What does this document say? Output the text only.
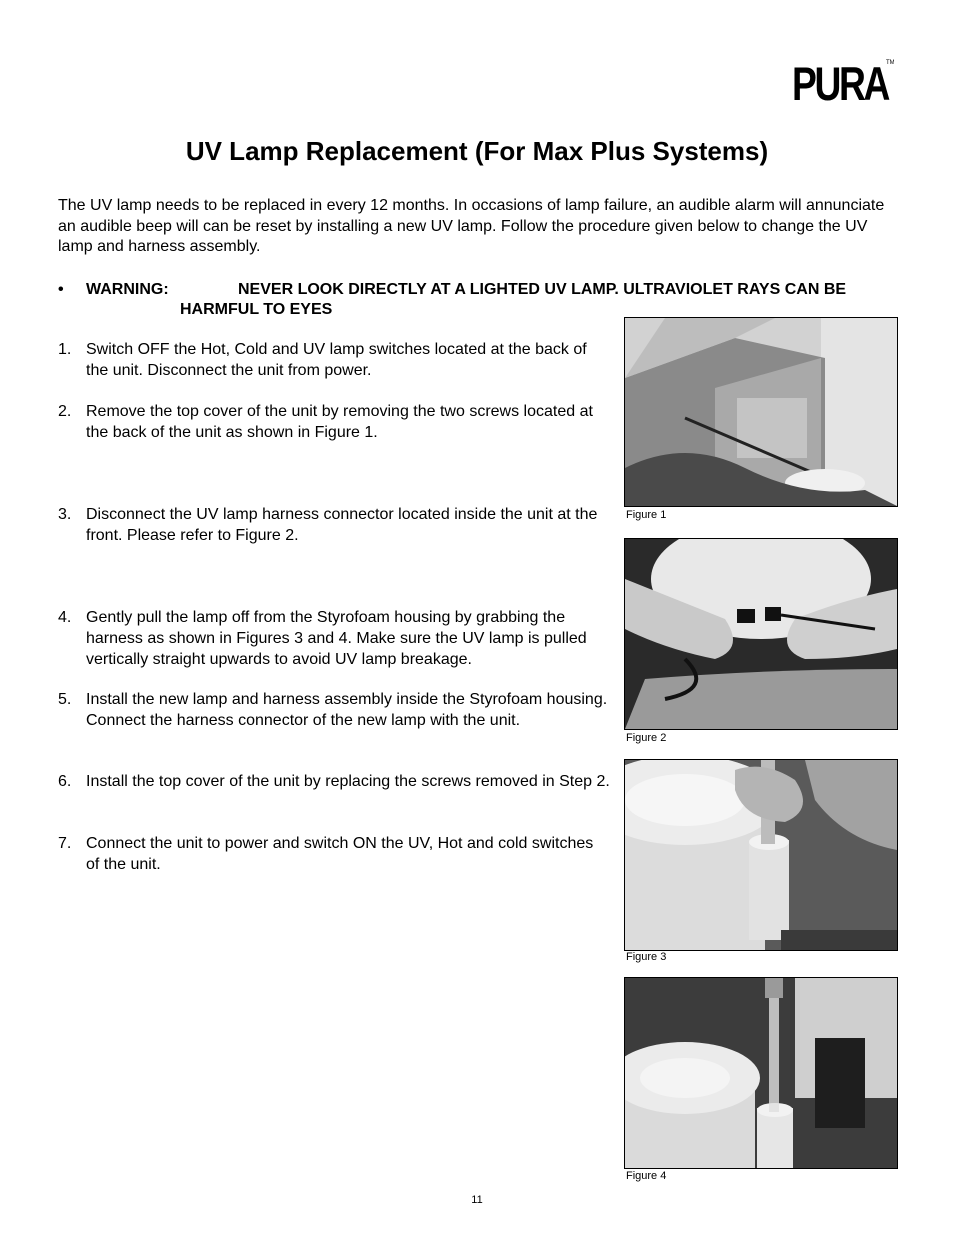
PURA
TM
UV Lamp Replacement (For Max Plus Systems)

The UV lamp needs to be replaced in every 12 months. In occasions of lamp failure, an audible alarm will annunciate an audible beep will can be reset by installing a new UV lamp. Follow the procedure given below to change the UV lamp and harness assembly.

• WARNING:	NEVER LOOK DIRECTLY AT A LIGHTED UV LAMP. ULTRAVIOLET RAYS CAN BE
HARMFUL TO EYES
1. Switch OFF the Hot, Cold and UV lamp switches located at the back of the unit. Disconnect the unit from power.
2. Remove the top cover of the unit by removing the two screws located at the back of the unit as shown in Figure 1.
3. Disconnect the UV lamp harness connector located inside the unit at the front. Please refer to Figure 2.
4. Gently pull the lamp off from the Styrofoam housing by grabbing the harness as shown in Figures 3 and 4. Make sure the UV lamp is pulled vertically straight upwards to avoid UV lamp breakage.
5. Install the new lamp and harness assembly inside the Styrofoam housing. Connect the harness connector of the new lamp with the unit.
6. Install the top cover of the unit by replacing the screws removed in Step 2.
7. Connect the unit to power and switch ON the UV, Hot and cold switches of the unit.
Figure 1
Figure 2
Figure 3
Figure 4
11
